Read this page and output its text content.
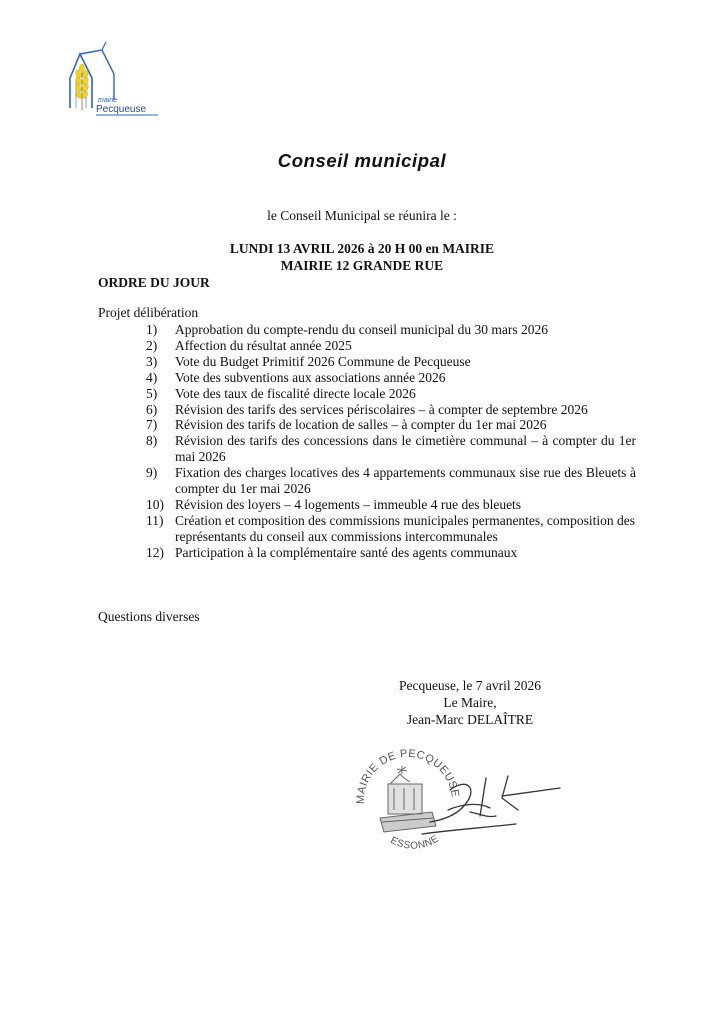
mairie
Pecqueuse
Conseil municipal
le Conseil Municipal se réunira le :
LUNDI 13 AVRIL 2026 à 20 H 00 en MAIRIE
MAIRIE 12 GRANDE RUE
ORDRE DU JOUR
Projet délibération
1) Approbation du compte-rendu du conseil municipal du 30 mars 2026
2) Affection du résultat année 2025
3) Vote du Budget Primitif 2026 Commune de Pecqueuse
4) Vote des subventions aux associations année 2026
5) Vote des taux de fiscalité directe locale 2026
6) Révision des tarifs des services périscolaires – à compter de septembre 2026
7) Révision des tarifs de location de salles – à compter du 1er mai 2026
8) Révision des tarifs des concessions dans le cimetière communal – à compter du 1er mai 2026
9) Fixation des charges locatives des 4 appartements communaux sise rue des Bleuets à compter du 1er mai 2026
10) Révision des loyers – 4 logements – immeuble 4 rue des bleuets
11) Création et composition des commissions municipales permanentes, composition des représentants du conseil aux commissions intercommunales
12) Participation à la complémentaire santé des agents communaux
Questions diverses
Pecqueuse, le 7 avril 2026
Le Maire,
Jean-Marc DELAÎTRE
MAIRIE DE PECQUEUSE
ESSONNE
